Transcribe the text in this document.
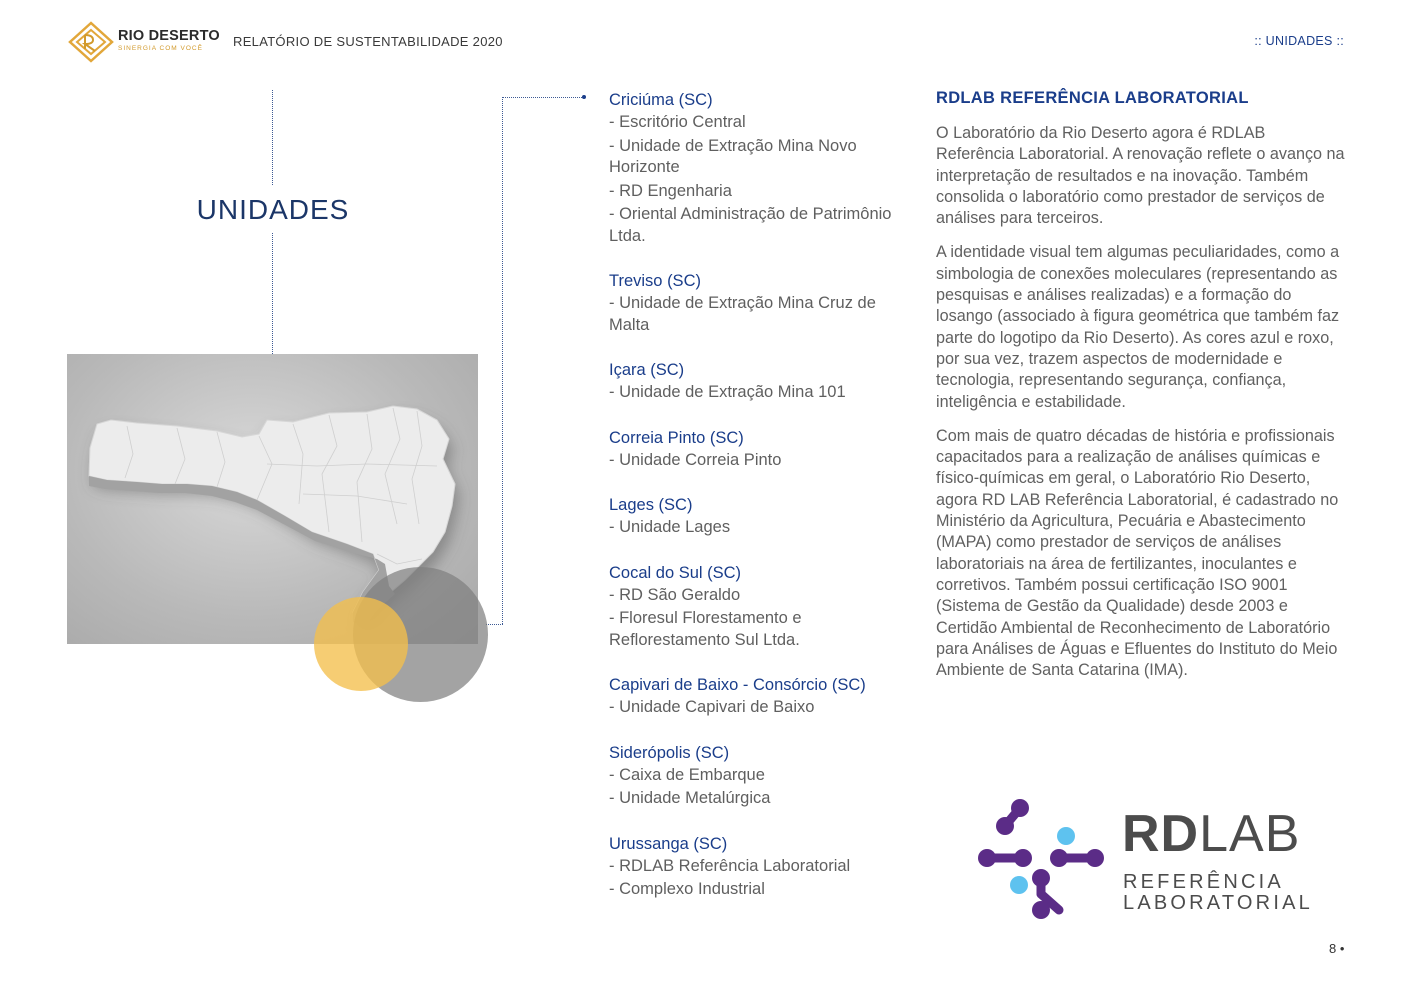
RIO DESERTO
SINERGIA COM VOCÊ RELATÓRIO DE SUSTENTABILIDADE 2020	:: UNIDADES ::
UNIDADES
Criciúma (SC)
- Escritório Central
- Unidade de Extração Mina Novo Horizonte
- RD Engenharia
- Oriental Administração de Patrimônio Ltda.
Treviso (SC)
- Unidade de Extração Mina Cruz de Malta
Içara (SC)
- Unidade de Extração Mina 101
Correia Pinto (SC)
- Unidade Correia Pinto
Lages (SC)
- Unidade Lages
Cocal do Sul (SC)
- RD São Geraldo
- Floresul Florestamento e Reflorestamento Sul Ltda.
Capivari de Baixo - Consórcio (SC)
- Unidade Capivari de Baixo
Siderópolis (SC)
- Caixa de Embarque
- Unidade Metalúrgica
Urussanga (SC)
- RDLAB Referência Laboratorial
- Complexo Industrial
RDLAB REFERÊNCIA LABORATORIAL

O Laboratório da Rio Deserto agora é RDLAB Referência Laboratorial. A renovação reflete o avanço na interpretação de resultados e na inovação. Também consolida o laboratório como prestador de serviços de análises para terceiros.

A identidade visual tem algumas peculiaridades, como a simbologia de conexões moleculares (representando as pesquisas e análises realizadas) e a formação do losango (associado à figura geométrica que também faz parte do logotipo da Rio Deserto). As cores azul e roxo, por sua vez, trazem aspectos de modernidade e tecnologia, representando segurança, confiança, inteligência e estabilidade.

Com mais de quatro décadas de história e profissionais capacitados para a realização de análises químicas e físico-químicas em geral, o Laboratório Rio Deserto, agora RD LAB Referência Laboratorial, é cadastrado no Ministério da Agricultura, Pecuária e Abastecimento (MAPA) como prestador de serviços de análises laboratoriais na área de fertilizantes, inoculantes e corretivos. Também possui certificação ISO 9001 (Sistema de Gestão da Qualidade) desde 2003 e Certidão Ambiental de Reconhecimento de Laboratório para Análises de Águas e Efluentes do Instituto do Meio Ambiente de Santa Catarina (IMA).

RDLAB
REFERÊNCIA
LABORATORIAL
8 •
